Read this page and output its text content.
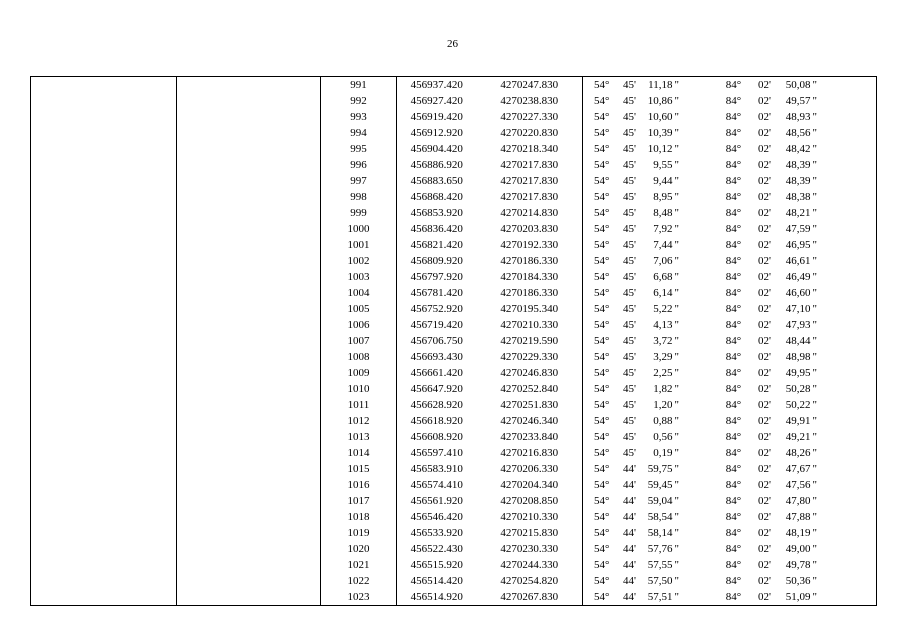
26
		991	456937.420	4270247.830	54°	45'	11,18	"	84°	02'	50,08	"
		992	456927.420	4270238.830	54°	45'	10,86	"	84°	02'	49,57	"
		993	456919.420	4270227.330	54°	45'	10,60	"	84°	02'	48,93	"
		994	456912.920	4270220.830	54°	45'	10,39	"	84°	02'	48,56	"
		995	456904.420	4270218.340	54°	45'	10,12	"	84°	02'	48,42	"
		996	456886.920	4270217.830	54°	45'	9,55	"	84°	02'	48,39	"
		997	456883.650	4270217.830	54°	45'	9,44	"	84°	02'	48,39	"
		998	456868.420	4270217.830	54°	45'	8,95	"	84°	02'	48,38	"
		999	456853.920	4270214.830	54°	45'	8,48	"	84°	02'	48,21	"
		1000	456836.420	4270203.830	54°	45'	7,92	"	84°	02'	47,59	"
		1001	456821.420	4270192.330	54°	45'	7,44	"	84°	02'	46,95	"
		1002	456809.920	4270186.330	54°	45'	7,06	"	84°	02'	46,61	"
		1003	456797.920	4270184.330	54°	45'	6,68	"	84°	02'	46,49	"
		1004	456781.420	4270186.330	54°	45'	6,14	"	84°	02'	46,60	"
		1005	456752.920	4270195.340	54°	45'	5,22	"	84°	02'	47,10	"
		1006	456719.420	4270210.330	54°	45'	4,13	"	84°	02'	47,93	"
		1007	456706.750	4270219.590	54°	45'	3,72	"	84°	02'	48,44	"
		1008	456693.430	4270229.330	54°	45'	3,29	"	84°	02'	48,98	"
		1009	456661.420	4270246.830	54°	45'	2,25	"	84°	02'	49,95	"
		1010	456647.920	4270252.840	54°	45'	1,82	"	84°	02'	50,28	"
		1011	456628.920	4270251.830	54°	45'	1,20	"	84°	02'	50,22	"
		1012	456618.920	4270246.340	54°	45'	0,88	"	84°	02'	49,91	"
		1013	456608.920	4270233.840	54°	45'	0,56	"	84°	02'	49,21	"
		1014	456597.410	4270216.830	54°	45'	0,19	"	84°	02'	48,26	"
		1015	456583.910	4270206.330	54°	44'	59,75	"	84°	02'	47,67	"
		1016	456574.410	4270204.340	54°	44'	59,45	"	84°	02'	47,56	"
		1017	456561.920	4270208.850	54°	44'	59,04	"	84°	02'	47,80	"
		1018	456546.420	4270210.330	54°	44'	58,54	"	84°	02'	47,88	"
		1019	456533.920	4270215.830	54°	44'	58,14	"	84°	02'	48,19	"
		1020	456522.430	4270230.330	54°	44'	57,76	"	84°	02'	49,00	"
		1021	456515.920	4270244.330	54°	44'	57,55	"	84°	02'	49,78	"
		1022	456514.420	4270254.820	54°	44'	57,50	"	84°	02'	50,36	"
		1023	456514.920	4270267.830	54°	44'	57,51	"	84°	02'	51,09	"
